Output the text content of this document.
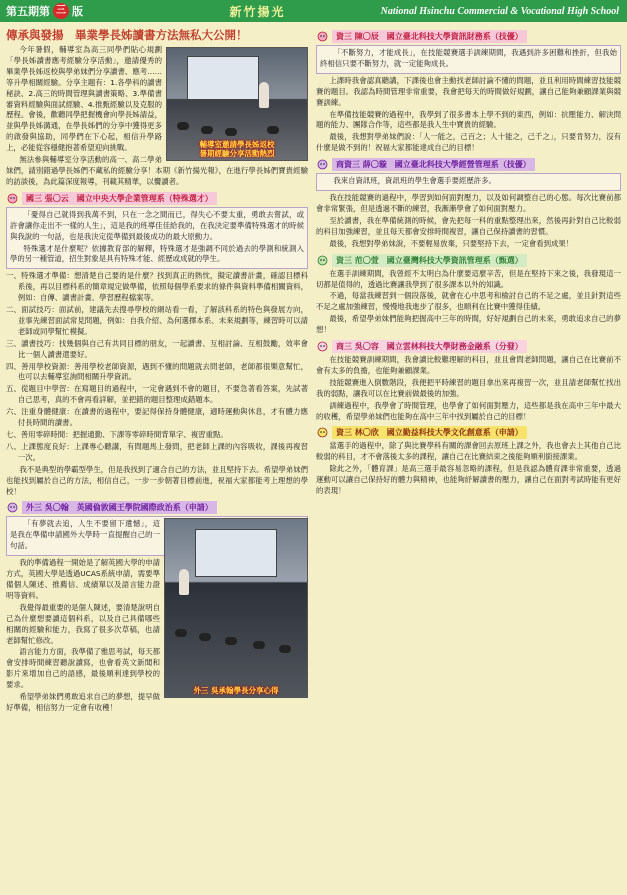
第五期第 三 版	新竹揚光	National Hsinchu Commercial & Vocational High School
傳承與發揚　畢業學長姊讀書方法無私大公開！
輔導室邀請學長姊返校
暑期經驗分享活動熱烈

今年暑假，輔導室為高三同學們貼心規劃「學長姊讀書應考經驗分享活動」，邀請優秀的畢業學長姊返校與學弟妹們分享讀書、應考……等升學相關經驗。分享主題有：1.各學科的讀書秘訣、2.高三的時間管理與讀書策略、3.準備書審資料經驗與面試經驗、4.推甄經驗以及克服的歷程。會後，歡聽同學把握機會向學長姊請益，並與學長姊溝通，在學長姊們的分享中獲得更多的啟發與協助，同學們在下心起，相信升學路上，必能從容穩健抱著希望迎向挑戰。

無法參與輔導室分享活動的高一、高二學弟妹們，請別錯過學長姊們不藏私的經驗分享！本期《新竹揚光報》，在進行學長姊們寶貴經驗的訪談後，為此篇深度報導，刊載其精華，以饗讀者。

國三 張〇云　國立中央大學企業管理系（特殊選才）

「憂得自己就得到我萬不到，只在一念之間而已，得失心不要太重，勇敢去嘗試，或許會讓你走出不一樣的人生」，這是我的班導佳佳給我的，在我決定要準備特殊選才的時候與我說的一句話，也是我決定從準備到最後成功的最大原動力。

特殊選才是什麼呢？依據教育部的解釋，特殊選才是強調不同於過去的學測和統測入學的另一種管道，招生對象是具有特殊才能、經歷或成就的學生。

一、特殊選才準備：想清楚自己要的是什麼？找到真正的熱忱，擬定讀書計畫，確認目標科系後，再以目標科系的簡章規定做準備，依照每個學系要求的條件與資料準備相關資料，例如：自傳、讀書計畫、學習歷程檔案等。

二、面試技巧：面試前，建議先去搜尋學校的網站看一看，了解該科系的特色與發展方向，並事先練習面試常見問題，例如：自我介紹、為何選擇本系、未來規劃等，練習時可以請老師或同學幫忙模擬。

三、讀書技巧：找幾個與自己有共同目標的朋友，一起讀書、互相討論、互相鼓勵，效率會比一個人讀書還要好。

四、善用學校資源：善用學校老師資源，遇到不懂的問題就去問老師，老師都很樂意幫忙，也可以去輔導室詢問相關升學資訊。

五、從題目中學習：在寫題目的過程中，一定會遇到不會的題目，不要急著看答案，先試著自己思考，真的不會再看詳解，並把錯的題目整理成錯題本。

六、注重身體健康：在讀書的過程中，要記得保持身體健康，適時運動與休息，才有體力應付長時間的讀書。

七、善用零碎時間：把握通勤、下課等零碎時間背單字、複習重點。

八、上課態度良好：上課專心聽講，有問題馬上發問，把老師上課的內容吸收，課後再複習一次。

我不是典型的學霸型學生，但是我找到了適合自己的方法，並且堅持下去。希望學弟妹們也能找到屬於自己的方法，相信自己，一步一步朝著目標前進，祝福大家都能考上理想的學校！

外三 吳〇翰　英國倫敦國王學院國際政治系（申請）
外三 吳承翰學長分享心得

「有夢就去追，人生不要留下遺憾」，這是我在準備申請國外大學時一直提醒自己的一句話。

我的準備過程一開始是了解英國大學的申請方式，英國大學是透過UCAS系統申請，需要準備個人陳述、推薦信、成績單以及語言能力證明等資料。

我覺得最重要的是個人陳述，要清楚說明自己為什麼想要讀這個科系，以及自己具備哪些相關的經驗和能力，我寫了很多次草稿，也請老師幫忙修改。

語言能力方面，我準備了雅思考試，每天都會安排時間練習聽說讀寫，也會看英文新聞和影片來增加自己的語感，最後順利達到學校的要求。

希望學弟妹們勇敢追求自己的夢想，提早做好準備，相信努力一定會有收穫！

資三 陳〇辰　國立臺北科技大學資訊財務系（技優）

「不斷努力，才能成長」，在技能競賽選手訓練期間，我遇到許多困難和挫折，但我始終相信只要不斷努力，就一定能夠成長。

上課時我會認真聽講，下課後也會主動找老師討論不懂的問題，並且利用時間練習技能競賽的題目。我認為時間管理非常重要，我會把每天的時間做好規劃，讓自己能夠兼顧課業與競賽訓練。

在準備技能競賽的過程中，我學到了很多書本上學不到的東西，例如：抗壓能力、解決問題的能力、團隊合作等，這些都是我人生中寶貴的經驗。

最後，我想對學弟妹們說：「人一能之，己百之；人十能之，己千之」，只要肯努力，沒有什麼是做不到的！祝福大家都能達成自己的目標！

商資三 薛〇璇　國立臺北科技大學經營管理系（技優）

我來自資訊班，資訊班的學生會選手要經歷許多。

我在技能競賽的過程中，學習到如何面對壓力，以及如何調整自己的心態。每次比賽前都會非常緊張，但是透過不斷的練習，我漸漸學會了如何面對壓力。

至於讀書，我在準備統測的時候，會先把每一科的重點整理出來，然後再針對自己比較弱的科目加強練習，並且每天都會安排時間複習，讓自己保持讀書的習慣。

最後，我想對學弟妹說，不要輕易放棄，只要堅持下去，一定會看到成果！

資三 范〇萱　國立臺灣科技大學資訊管理系（甄選）

在選手訓練期間，我曾經不太明白為什麼要這麼辛苦，但是在堅持下來之後，我發現這一切都是值得的，透過比賽讓我學到了很多課本以外的知識。

不過，每當我練習到一個段落後，就會在心中思考和檢討自己的不足之處，並且針對這些不足之處加強練習，慢慢地我進步了很多，也順利在比賽中獲得佳績。

最後，希望學弟妹們能夠把握高中三年的時間，好好規劃自己的未來，勇敢追求自己的夢想！

商三 吳〇容　國立雲林科技大學財務金融系（分發）

在技能競賽訓練期間，我會讀比較難理解的科目，並且會問老師問題，讓自己在比賽前不會有太多的負擔，也能夠兼顧課業。

技能競賽進入倒數階段，我便把平時練習的題目拿出來再複習一次，並且請老師幫忙找出我的弱點，讓我可以在比賽前做最後的加強。

訓練過程中，我學會了時間管理，也學會了如何面對壓力，這些都是我在高中三年中最大的收穫，希望學弟妹們也能夠在高中三年中找到屬於自己的目標！

資三 林〇欣　國立勤益科技大學文化創意系（申請）

當選手的過程中，除了與比賽學科有關的課會回去原班上課之外，我也會去上其他自己比較弱的科目，才不會落後太多的課程，讓自己在比賽結束之後能夠順利銜接課業。

除此之外，「體育課」是高三選手最容易忽略的課程，但是我認為體育課非常重要，透過運動可以讓自己保持好的體力與精神，也能夠紓解讀書的壓力，讓自己在面對考試時能有更好的表現！
